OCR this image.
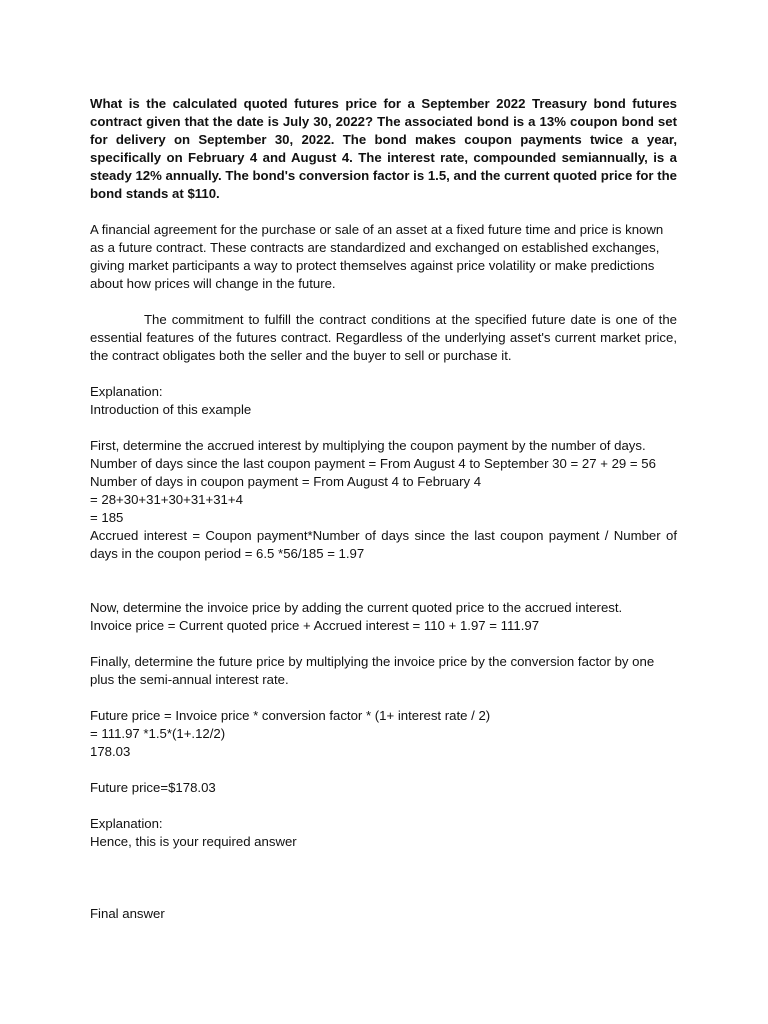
What is the calculated quoted futures price for a September 2022 Treasury bond futures contract given that the date is July 30, 2022? The associated bond is a 13% coupon bond set for delivery on September 30, 2022. The bond makes coupon payments twice a year, specifically on February 4 and August 4. The interest rate, compounded semiannually, is a steady 12% annually. The bond's conversion factor is 1.5, and the current quoted price for the bond stands at $110.

A financial agreement for the purchase or sale of an asset at a fixed future time and price is known as a future contract. These contracts are standardized and exchanged on established exchanges, giving market participants a way to protect themselves against price volatility or make predictions about how prices will change in the future.

The commitment to fulfill the contract conditions at the specified future date is one of the essential features of the futures contract. Regardless of the underlying asset's current market price, the contract obligates both the seller and the buyer to sell or purchase it.

Explanation:
Introduction of this example
First, determine the accrued interest by multiplying the coupon payment by the number of days.
Number of days since the last coupon payment = From August 4 to September 30 = 27 + 29 = 56
Number of days in coupon payment = From August 4 to February 4
= 28+30+31+30+31+31+4
= 185

Accrued interest = Coupon payment*Number of days since the last coupon payment / Number of days in the coupon period = 6.5 *56/185 = 1.97

Now, determine the invoice price by adding the current quoted price to the accrued interest.
Invoice price = Current quoted price + Accrued interest = 110 + 1.97 = 111.97

Finally, determine the future price by multiplying the invoice price by the conversion factor by one plus the semi-annual interest rate.

Future price = Invoice price * conversion factor * (1+ interest rate / 2)
= 111.97 *1.5*(1+.12/2)
178.03
Future price=$178.03
Explanation:
Hence, this is your required answer
Final answer
